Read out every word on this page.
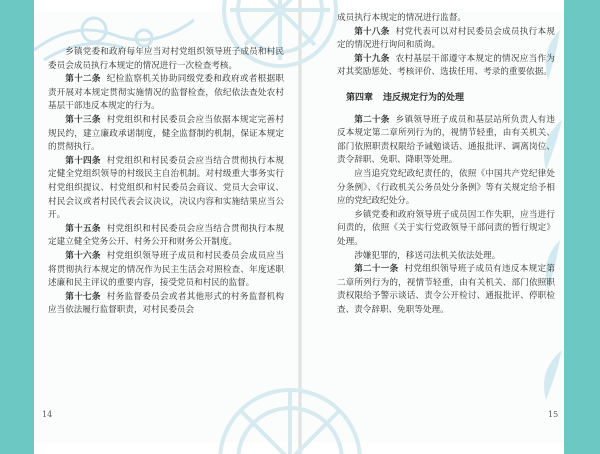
乡镇党委和政府每年应当对村党组织领导班子成员和村民委员会成员执行本规定的情况进行一次检查考核。

第十二条 纪检监察机关协助同级党委和政府或者根据职责开展对本规定贯彻实施情况的监督检查，依纪依法查处农村基层干部违反本规定的行为。

第十三条 村党组织和村民委员会应当依据本规定完善村规民约，建立廉政承诺制度，健全监督制约机制，保证本规定的贯彻执行。

第十四条 村党组织和村民委员会应当结合贯彻执行本规定健全党组织领导的村级民主自治机制。对村级重大事务实行村党组织提议、村党组织和村民委员会商议、党员大会审议、村民会议或者村民代表会议决议，决议内容和实施结果应当公开。

第十五条 村党组织和村民委员会应当结合贯彻执行本规定建立健全党务公开、村务公开和财务公开制度。

第十六条 村党组织领导班子成员和村民委员会成员应当将贯彻执行本规定的情况作为民主生活会对照检查、年度述职述廉和民主评议的重要内容，接受党员和村民的监督。

第十七条 村务监督委员会或者其他形式的村务监督机构应当依法履行监督职责，对村民委员会

成员执行本规定的情况进行监督。

第十八条 村党代表可以对村民委员会成员执行本规定的情况进行询问和质询。

第十九条 农村基层干部遵守本规定的情况应当作为对其奖励惩处、考核评价、选拔任用、考录的重要依据。

第四章 违反规定行为的处理

第二十条 乡镇领导班子成员和基层站所负责人有违反本规定第二章所列行为的，视情节轻重，由有关机关、部门依照职责权限给予诫勉谈话、通报批评、调离岗位、责令辞职、免职、降职等处理。

应当追究党纪政纪责任的，依照《中国共产党纪律处分条例》、《行政机关公务员处分条例》等有关规定给予相应的党纪政纪处分。

乡镇党委和政府领导班子成员因工作失职，应当进行问责的，依照《关于实行党政领导干部问责的暂行规定》处理。

涉嫌犯罪的，移送司法机关依法处理。

第二十一条 村党组织领导班子成员有违反本规定第二章所列行为的，视情节轻重，由有关机关、部门依照职责权限给予警示谈话、责令公开检讨、通报批评、停职检查、责令辞职、免职等处理。

14	15
